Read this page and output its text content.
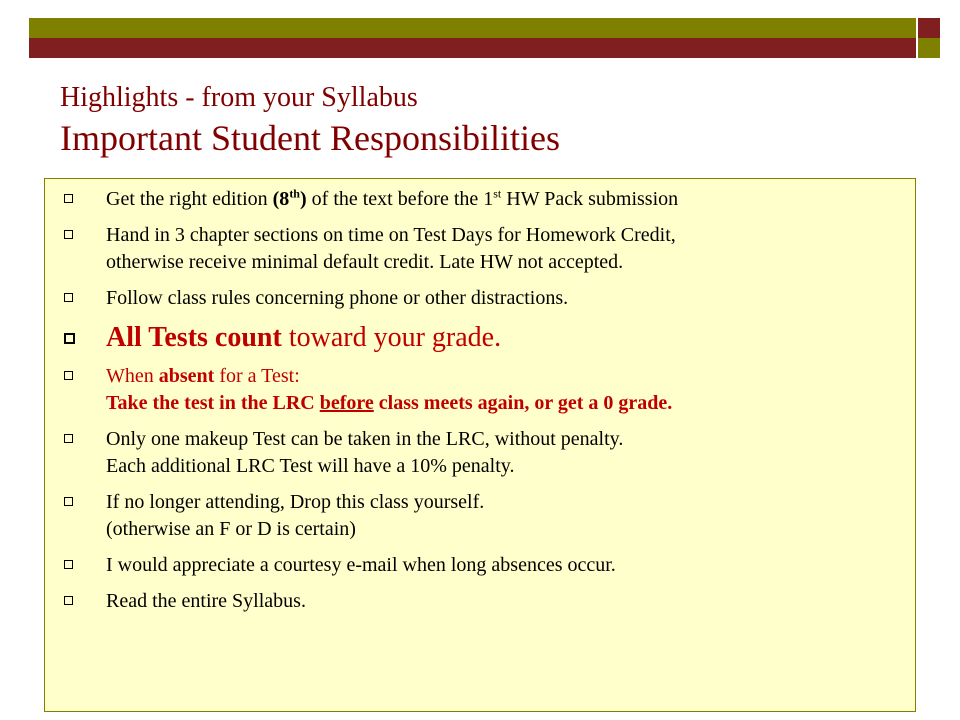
Highlights - from your Syllabus
Important Student Responsibilities
Get the right edition (8th) of the text before the 1st HW Pack submission
Hand in 3 chapter sections on time on Test Days for Homework Credit,
otherwise receive minimal default credit. Late HW not accepted.
Follow class rules concerning phone or other distractions.
All Tests count toward your grade.
When absent for a Test:
Take the test in the LRC before class meets again, or get a 0 grade.
Only one makeup Test can be taken in the LRC, without penalty.
Each additional LRC Test will have a 10% penalty.
If no longer attending, Drop this class yourself.
(otherwise an F or D is certain)
I would appreciate a courtesy e-mail when long absences occur.
Read the entire Syllabus.
